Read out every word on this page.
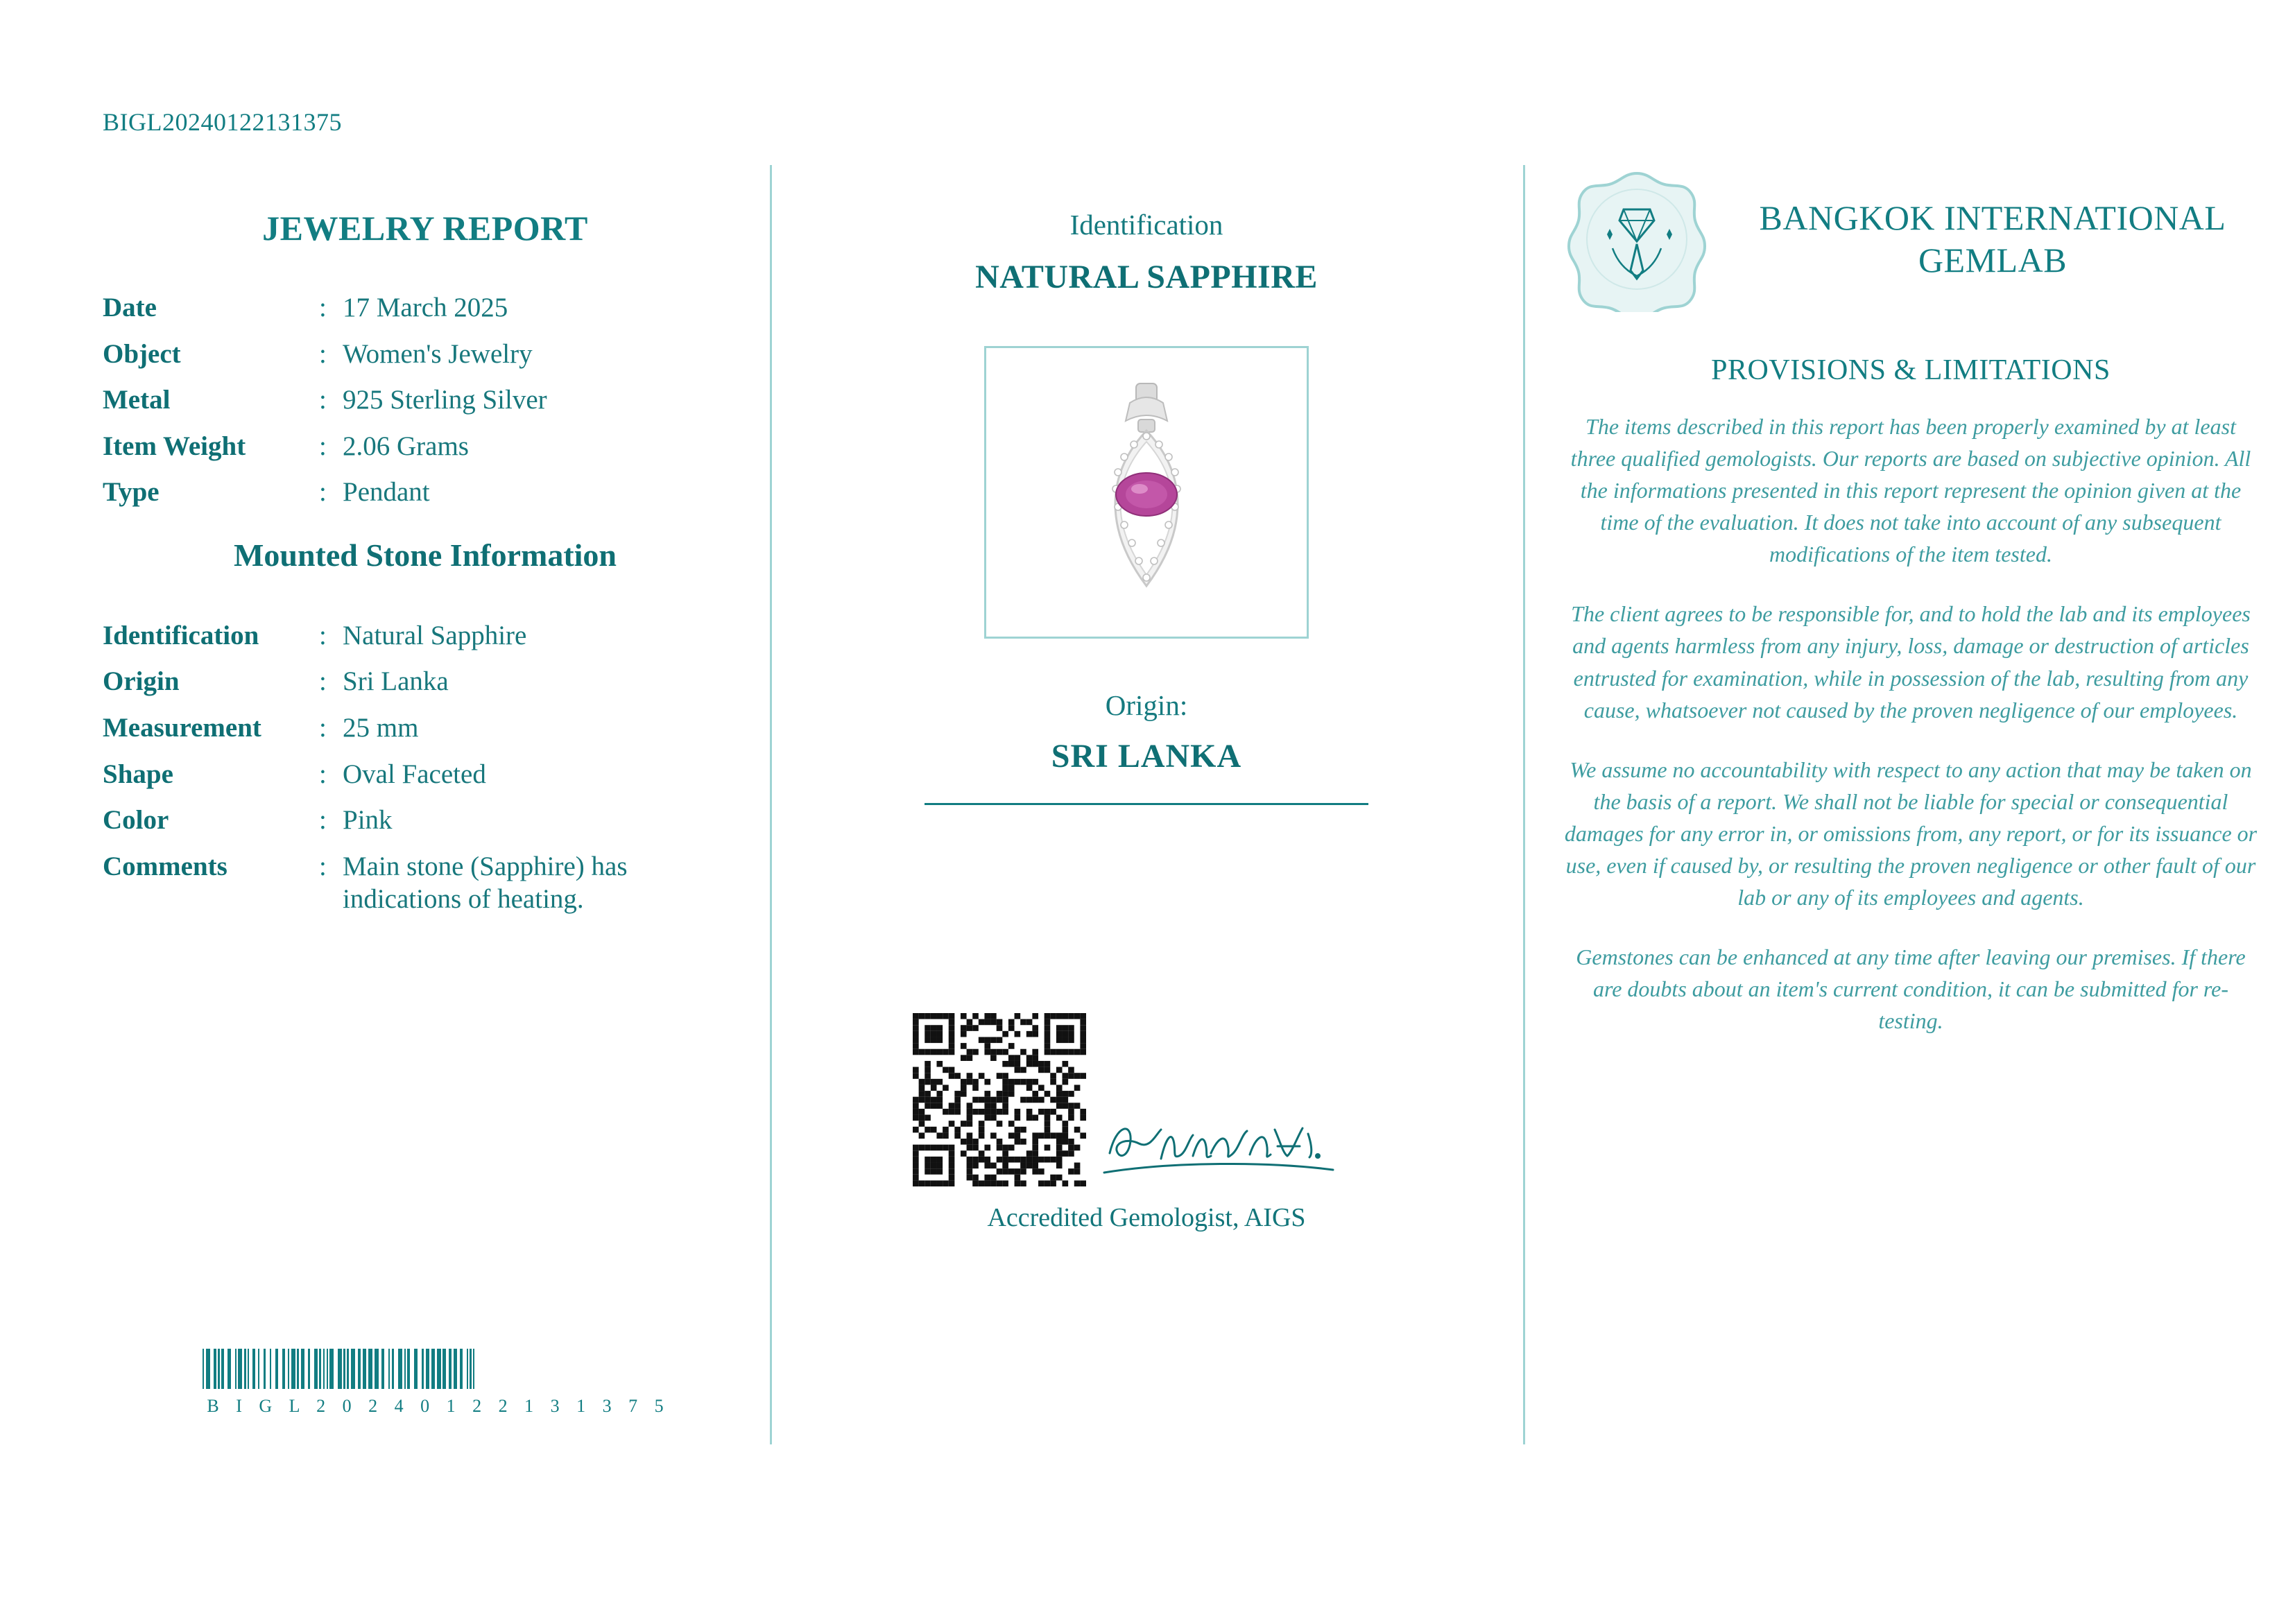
BIGL20240122131375
JEWELRY REPORT
Date	: 17 March 2025
Object	: Women's Jewelry
Metal	: 925 Sterling Silver
Item Weight	: 2.06 Grams
Type	: Pendant
Mounted Stone Information
Identification	: Natural Sapphire
Origin	: Sri Lanka
Measurement	: 25 mm
Shape	: Oval Faceted
Color	: Pink
Comments	: Main stone (Sapphire) has indications of heating.
B I G L 2 0 2 4 0 1 2 2 1 3 1 3 7 5
Identification
NATURAL SAPPHIRE
Origin:
SRI LANKA

Accredited Gemologist, AIGS
BANGKOK INTERNATIONAL GEMLAB
PROVISIONS & LIMITATIONS

The items described in this report has been properly examined by at least three qualified gemologists. Our reports are based on subjective opinion. All the informations presented in this report represent the opinion given at the time of the evaluation. It does not take into account of any subsequent modifications of the item tested.

The client agrees to be responsible for, and to hold the lab and its employees and agents harmless from any injury, loss, damage or destruction of articles entrusted for examination, while in possession of the lab, resulting from any cause, whatsoever not caused by the proven negligence of our employees.

We assume no accountability with respect to any action that may be taken on the basis of a report. We shall not be liable for special or consequential damages for any error in, or omissions from, any report, or for its issuance or use, even if caused by, or resulting the proven negligence or other fault of our lab or any of its employees and agents.

Gemstones can be enhanced at any time after leaving our premises. If there are doubts about an item's current condition, it can be submitted for re-testing.
